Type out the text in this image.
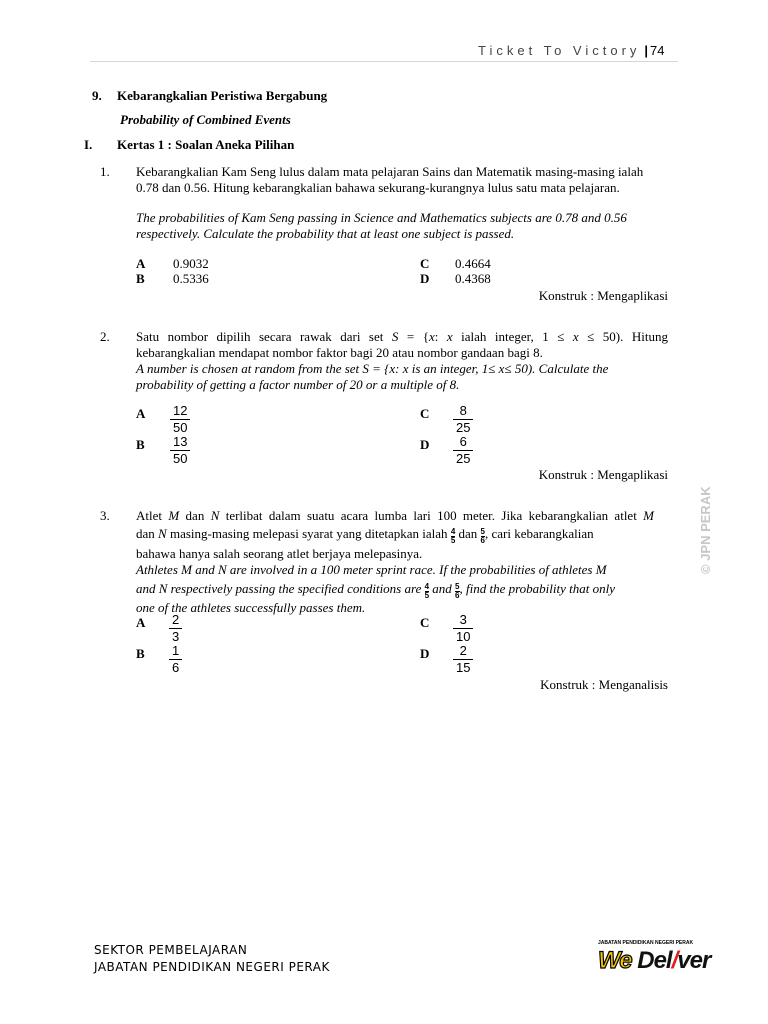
Ticket To Victory | 74
9. Kebarangkalian Peristiwa Bergabung
Probability of Combined Events
I. Kertas 1 : Soalan Aneka Pilihan
1. Kebarangkalian Kam Seng lulus dalam mata pelajaran Sains dan Matematik masing-masing ialah 0.78 dan 0.56. Hitung kebarangkalian bahawa sekurang-kurangnya lulus satu mata pelajaran.
The probabilities of Kam Seng passing in Science and Mathematics subjects are 0.78 and 0.56 respectively. Calculate the probability that at least one subject is passed.
A 0.9032
B 0.5336
C 0.4664
D 0.4368
Konstruk : Mengaplikasi
2. Satu nombor dipilih secara rawak dari set S = {x: x ialah integer, 1 ≤ x ≤ 50). Hitung
kebarangkalian mendapat nombor faktor bagi 20 atau nombor gandaan bagi 8.
A number is chosen at random from the set S = {x: x is an integer, 1≤ x≤ 50). Calculate the probability of getting a factor number of 20 or a multiple of 8.
A $\frac{12}{50}$
B $\frac{13}{50}$
C $\frac{8}{25}$
D $\frac{6}{25}$
Konstruk : Mengaplikasi
3. Atlet M dan N terlibat dalam suatu acara lumba lari 100 meter. Jika kebarangkalian atlet M
dan N masing-masing melepasi syarat yang ditetapkan ialah $\frac{4}{5}$ dan $\frac{5}{6}$ , cari kebarangkalian
bahawa hanya salah seorang atlet berjaya melepasinya.
Athletes M and N are involved in a 100 meter sprint race. If the probabilities of athletes M
and N respectively passing the specified conditions are $\frac{4}{5}$ and $\frac{5}{6}$ , find the probability that only
one of the athletes successfully passes them.
A $\frac{2}{3}$
B $\frac{1}{6}$
C $\frac{3}{10}$
D $\frac{2}{15}$
Konstruk : Menganalisis
© JPN PERAK
SEKTOR PEMBELAJARAN
JABATAN PENDIDIKAN NEGERI PERAK
JABATAN PENDIDIKAN NEGERI PERAK
We Del/ver
